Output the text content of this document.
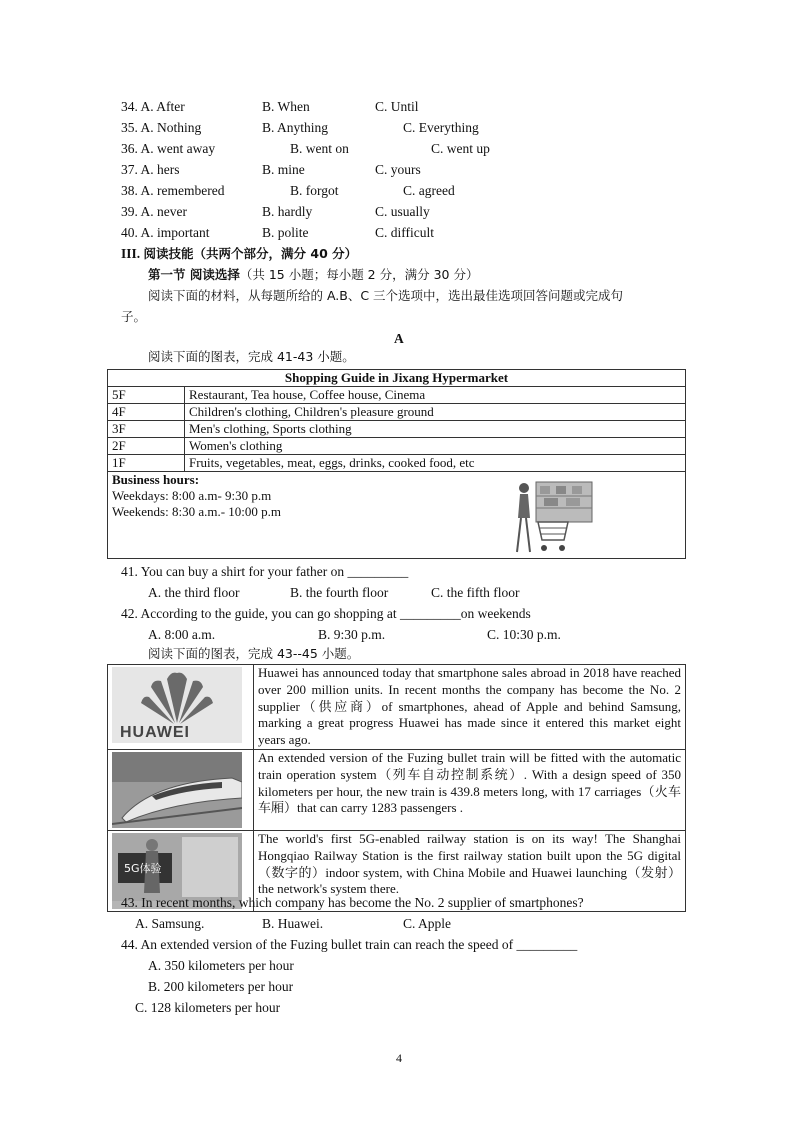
34. A. After	B. When	C. Until
35. A. Nothing	B. Anything	C. Everything
36. A. went away	B. went on	C. went up
37. A. hers	B. mine	C. yours
38. A. remembered	B. forgot	C. agreed
39. A. never	B. hardly	C. usually
40. A. important	B. polite	C. difficult
III. 阅读技能（共两个部分，满分 40 分）
第一节 阅读选择（共 15 小题；每小题 2 分，满分 30 分）
阅读下面的材料，从每题所给的 A.B、C 三个选项中，选出最佳选项回答问题或完成句
子。
A
阅读下面的图表，完成 41-43 小题。
Shopping Guide in Jixang Hypermarket	
5F	Restaurant, Tea house, Coffee house, Cinema
4F	Children's clothing, Children's pleasure ground
3F	Men's clothing, Sports clothing
2F	Women's clothing
1F	Fruits, vegetables, meat, eggs, drinks, cooked food, etc

Business hours:
Weekdays: 8:00 a.m- 9:30 p.m
Weekends: 8:30 a.m.- 10:00 p.m	
41. You can buy a shirt for your father on _________
A. the third floor	B. the fourth floor	C. the fifth floor
42. According to the guide, you can go shopping at _________on weekends
A. 8:00 a.m.	B. 9:30 p.m.	C. 10:30 p.m.
阅读下面的图表，完成 43--45 小题。
HUAWEI	Huawei has announced today that smartphone sales abroad in 2018 have reached over 200 million units. In recent months the company has become the No. 2 supplier（供应商）of smartphones, ahead of Apple and behind Samsung, marking a great progress Huawei has made since it entered this market eight years ago.

	An extended version of the Fuzing bullet train will be fitted with the automatic train operation system（列车自动控制系统）. With a design speed of 350 kilometers per hour, the new train is 439.8 meters long, with 17 carriages（火车车厢）that can carry 1283 passengers .

5G体验	The world's first 5G-enabled railway station is on its way! The Shanghai Hongqiao Railway Station is the first railway station built upon the 5G digital（数字的）indoor system, with China Mobile and Huawei launching（发射）the network's system there.
43. In recent months, which company has become the No. 2 supplier of smartphones?
A. Samsung.	B. Huawei.	C. Apple
44. An extended version of the Fuzing bullet train can reach the speed of _________
A. 350 kilometers per hour
B. 200 kilometers per hour
C. 128 kilometers per hour
4
